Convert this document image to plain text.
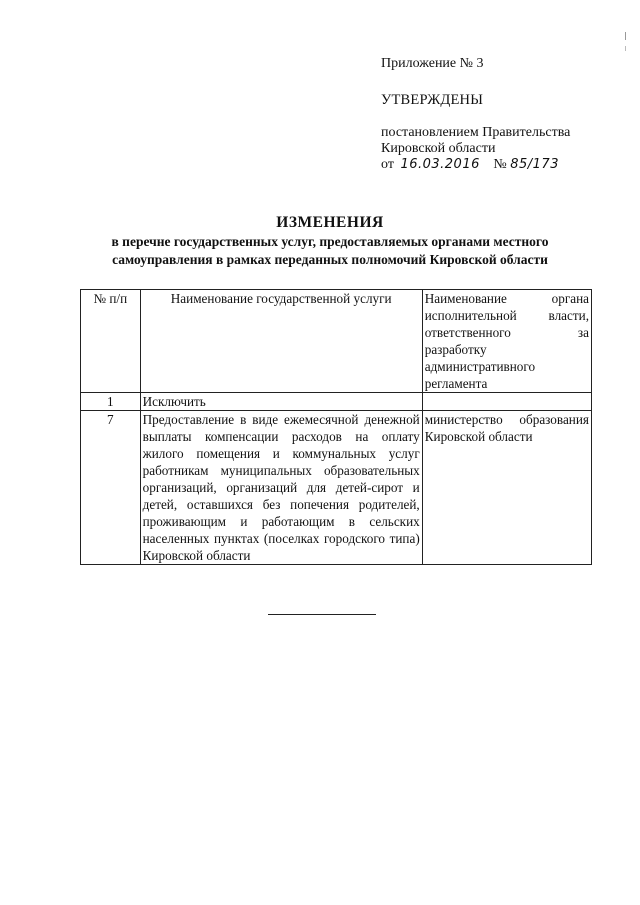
Приложение № 3
УТВЕРЖДЕНЫ
постановлением Правительства
Кировской области
от 16.03.2016 № 85/173
ИЗМЕНЕНИЯ
в перечне государственных услуг, предоставляемых органами местного
самоуправления в рамках переданных полномочий Кировской области
№ п/п	Наименование государственной услуги	Наименование органа исполнительной власти, ответственного за разработку административного регламента
1	Исключить	
7	Предоставление в виде ежемесячной денежной выплаты компенсации расходов на оплату жилого помещения и коммунальных услуг работникам муниципальных образовательных организаций, организаций для детей-сирот и детей, оставшихся без попечения родителей, проживающим и работающим в сельских населенных пунктах (поселках городского типа) Кировской области	министерство образования Кировской области
